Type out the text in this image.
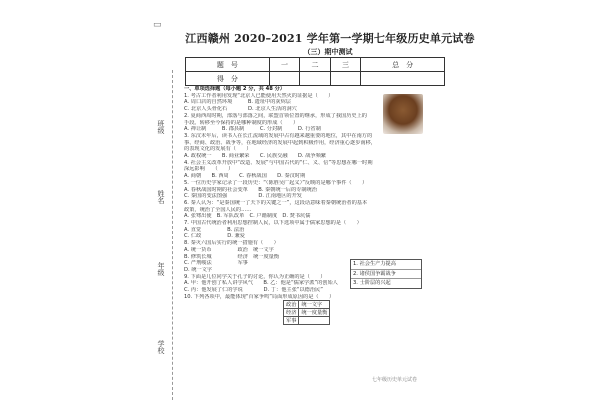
▭
江西赣州 2020–2021 学年第一学期七年级历史单元试卷
（三）期中测试
题　号	一	二	三	总　分
得　分				
班级
姓名
年级
学校
一、单项选择题（每小题 2 分，共 48 分）
1. 考古工作者利用发现“北京人已能使用天然火的证据是（　　）
A. 周口店的自然环境　　　B. 遗址中的灰烬层
C. 北京人头骨化石　　　　D. 北京人生活的洞穴
2. 夏商西周时期，部落与部落之间，联盟首领位置的继承，形成了我国历史上的
手段。转移至今保持的是哪种制度的形成（　　）
A. 禅让制　　　B. 郡县制　　　C. 分封制　　　D. 行省制
3. 东汉末年后，读书人在长江流域的发展中占有越来越重要的地位，其中在南方的
事、经商、政治、战争等，在地域经济的发展中起到积极作用，经济重心逐步南移，
的表现文化的发展有（　　）
A. 政权统一　　B. 商业繁荣　　C. 民族交融　　D. 战争频繁
4. 社会主义改革开放中“改造、发展”与中国古代的“仁、义、信”等思想在哪一时期
深远影响　　（　　）
A. 商朝　　B. 西周　　C. 春秋战国　　D. 秦汉时期
5. 一位历史学家记录了一段历史：“（陈胜吴广起义）”反映的是哪个事件（　　）
A. 春秋战国时期的社会变革　　B. 秦朝统一后的专制统治
C. 秦国的变法图强　　　　　　D. 江南地区的开发
6. 秦人认为：“是秦国统一了天下的关键之一”，这段话意味着秦朝统治者的基本
政策，统治了全国人民的……
A. 张骞出使　B. 军队改革　C. 户籍制度　D. 焚书坑儒
7. 中国古代统治者利用思想控制人民，以下选项中属于儒家思想的是（　　）
A. 直觉　　　　　B. 法治
C. 仁政　　　　　D. 兼爱
8. 秦灭六国后实行的统一措施有（　　）
A. 统一货币　　　　　政治　统一文字
B. 修筑长城　　　　　经济　统一度量衡
C. 严刑峻法　　　　　军事
D. 统一文字
9. 下面是几位同学关于孔子的讨论，你认为正确的是（　　）
A. 甲：他开创了私人讲学风气　　B. 乙：他是“儒家学派”的创始人
C. 丙：他发展了仁的学说　　　　D. 丁：他主张“以德治民”
10. 下列各项中，最能体现“百家争鸣”局面形成原因的是（　　）
1. 社会生产力提高
2. 诸侯国争霸战争
3. 士阶层的兴起
政治	统一文字
经济	统一度量衡
军事	
七年级历史单元试卷
